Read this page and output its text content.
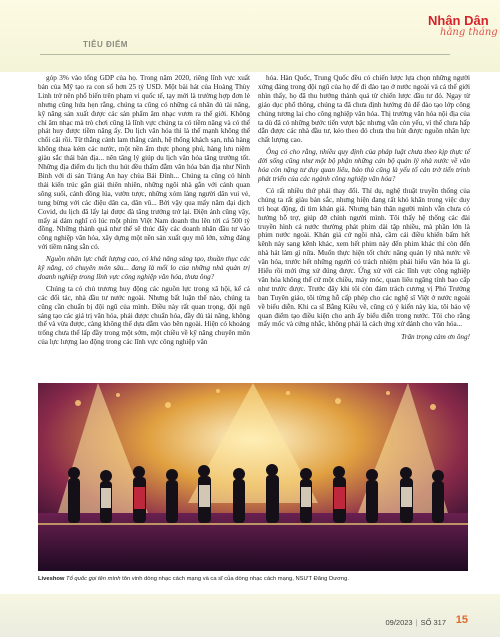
TIÊU ĐIỂM
Nhân Dân
hằng tháng

góp 3% vào tổng GDP của họ. Trong năm 2020, riêng lĩnh vực xuất bản của Mỹ tạo ra con số hơn 25 tỷ USD. Một bài hát của Hoàng Thùy Linh trở nên phổ biến trên phạm vi quốc tế, tạy mới là trường hợp đơn lẻ nhưng cũng hứa hẹn rằng, chúng ta cũng có những cá nhân đủ tài năng, kỹ năng sản xuất được các sản phẩm âm nhạc vươn ra thế giới. Không chỉ âm nhạc mà trò chơi cũng là lĩnh vực chúng ta có tiềm năng và có thể phát huy được tiềm năng ấy. Du lịch văn hóa thì là thế mạnh không thể chối cãi rồi. Từ thắng cảnh lam thắng cảnh, hệ thống khách sạn, nhà hàng không thua kém các nước, một nền ẩm thực phong phú, hàng lưu niệm giàu sắc thái bản địa... nên tăng lý giúp du lịch văn hóa tăng trưởng tốt. Những địa điểm du lịch thu hút đều thấm đẫm văn hóa bản địa như Ninh Bình với di sản Tràng An hay chùa Bái Đính... Chúng ta cũng có hình thái kiến trúc gắn giải thiên nhiên, những ngôi nhà gắn với cánh quan sông suối, cánh đồng lúa, vườn tược, những xóm làng người dân vui vẻ, tung bừng với các điệu dân ca, dân vũ... Bởi vậy qua mấy năm đại dịch Covid, du lịch đã lấy lại được đà tăng trưởng trở lại. Điện ảnh cũng vậy, mấy ai dám nghĩ có lúc một phim Việt Nam doanh thu lên tới cả 500 tỷ đồng. Những thành quả như thế sẽ thúc đẩy các doanh nhân đầu tư vào công nghiệp văn hóa, xây dựng một nền sản xuất quy mô lớn, xứng đáng với tiềm năng sẵn có.

Nguồn nhân lực chất lượng cao, có khả năng sáng tạo, thuần thục các kỹ năng, có chuyên môn sâu... đang là mối lo của những nhà quản trị doanh nghiệp trong lĩnh vực công nghiệp văn hóa, thưa ông?

Chúng ta có chủ trương huy động các nguồn lực trong xã hội, kể cả các đối tác, nhà đầu tư nước ngoài. Nhưng bất luận thế nào, chúng ta cũng cần chuẩn bị đội ngũ của mình. Điều này rất quan trọng, đội ngũ sáng tạo các giá trị văn hóa, phải được chuẩn hóa, đầy đủ tài năng, không thể và vừa được, càng không thể dựa dẫm vào bên ngoài. Hiện có khoảng trống chưa thể lấp đầy trong một sớm, một chiều về kỹ năng chuyên môn của lực lượng lao động trong các lĩnh vực công nghiệp văn

hóa. Hàn Quốc, Trung Quốc đều có chiến lược lựa chọn những người xứng đáng trong đội ngũ của họ để đi đào tạo ở nước ngoài và cả thế giới nhìn thấy, họ đã thu hướng thành quả từ chiến lược đầu tư đó. Ngay từ giáo dục phổ thông, chúng ta đã chưa định hướng đủ để đào tạo lớp công chúng tương lai cho công nghiệp văn hóa. Thị trường văn hóa nội địa của ta dù đã có những bước tiến vượt bậc nhưng vẫn còn yếu, vì thế chưa hấp dẫn được các nhà đầu tư, kéo theo đó chưa thu hút được nguồn nhân lực chất lượng cao.

Ông có cho rằng, nhiều quy định của pháp luật chưa theo kịp thực tế đời sống cũng như một bộ phận những cán bộ quản lý nhà nước về văn hóa còn nặng tư duy quan liêu, bảo thủ cũng là yếu tố cản trở tiến trình phát triển của các ngành công nghiệp văn hóa?

Có rất nhiều thứ phải thay đổi. Thí dụ, nghệ thuật truyền thống của chúng ta rất giàu bản sắc, nhưng hiện đang rất khó khăn trong việc duy trì hoạt động, đi tìm khán giả. Nhưng bản thân người mình vẫn chưa có hướng hỗ trợ, giúp đỡ chính người mình. Tôi thấy hệ thống các đài truyền hình cả nước thường phát phim dài tập nhiều, mà phần lớn là phim nước ngoài. Khán giả cứ ngồi nhà, cầm cái điều khiển bấm hết kênh này sang kênh khác, xem hết phim này đến phim khác thì còn đến nhà hát làm gì nữa. Muốn thực hiện tốt chức năng quản lý nhà nước về văn hóa, trước hết những người có trách nhiệm phải hiểu văn hóa là gì. Hiểu rồi mới ứng xử đúng được. Ứng xử với các lĩnh vực công nghiệp văn hóa không thể cứ một chiều, máy móc, quan liêu ngăng tính bao cấp như trước được. Trước đây khi tôi còn đảm trách cương vị Phó Trưởng ban Tuyên giáo, tôi từng hỗ cấp phép cho các nghệ sĩ Việt ở nước ngoài về biểu diễn. Khi ca sĩ Bằng Kiều về, cũng có ý kiến này kia, tôi bảo vệ quan điểm tạo điều kiện cho anh ấy biểu diễn trong nước. Tôi cho rằng mấy mốc và cứng nhắc, không phải là cách ứng xử đánh cho văn hóa...

Trân trọng cảm ơn ông!

Liveshow Tổ quốc gọi tên mình tôn vinh dòng nhạc cách mạng và ca sĩ của dòng nhạc cách mạng, NSƯT Đăng Dương.
09/2023 | SỐ 317 15
